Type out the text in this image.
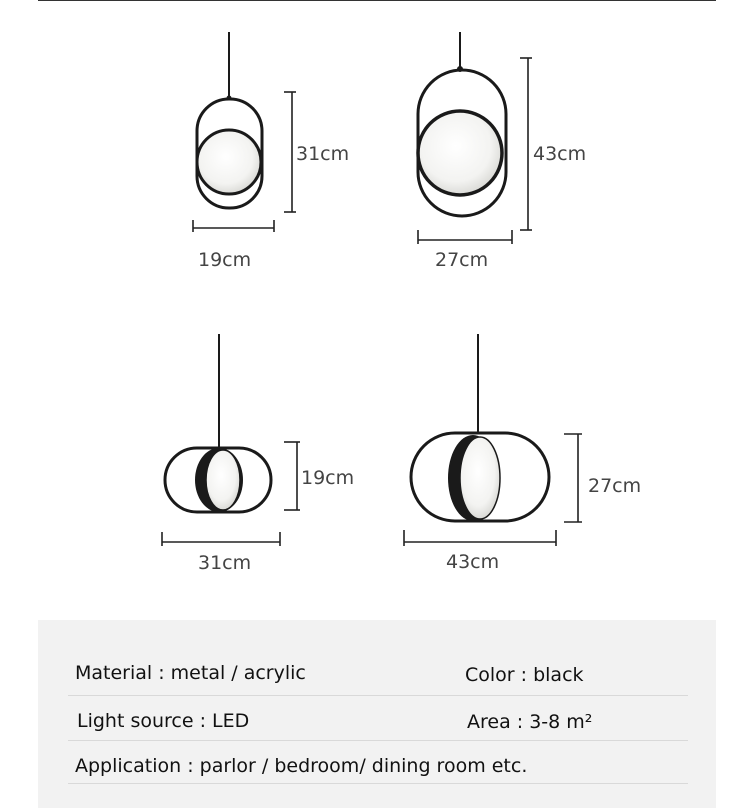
31cm
19cm
43cm
27cm
19cm
31cm
27cm
43cm
Material : metal / acrylic	Color : black
Light source : LED	Area : 3-8 m²
Application : parlor / bedroom/ dining room etc.
